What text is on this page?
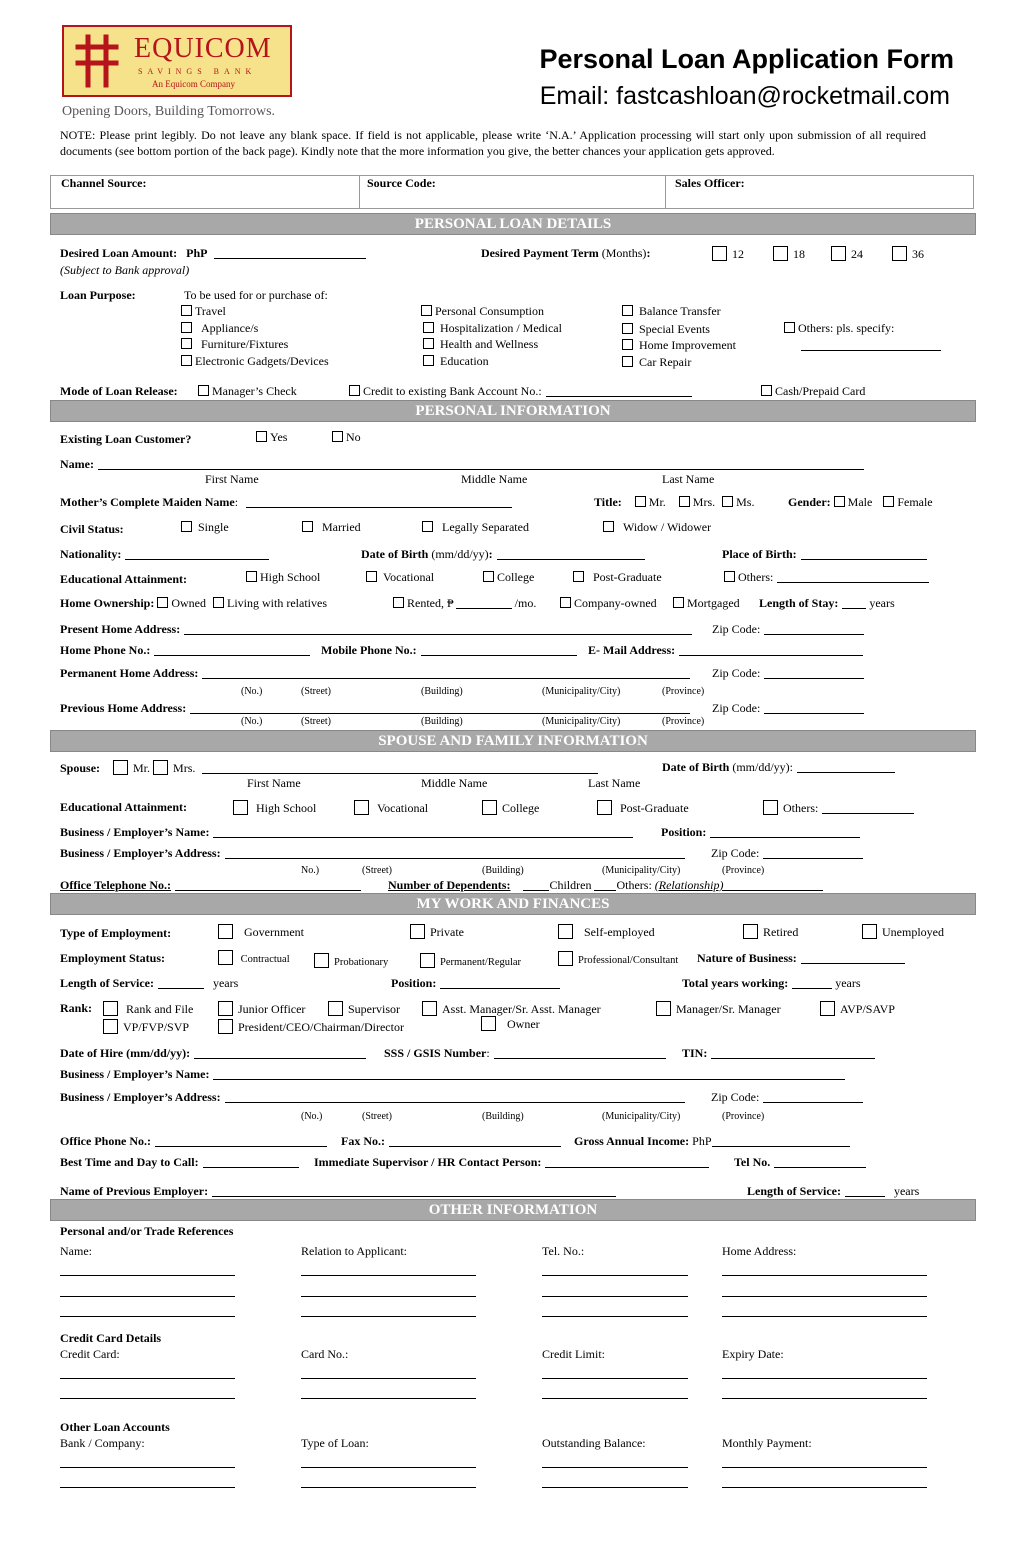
EQUICOM
SAVINGS BANK
An Equicom Company
Opening Doors, Building Tomorrows.
Personal Loan Application Form
Email: fastcashloan@rocketmail.com
NOTE: Please print legibly. Do not leave any blank space. If field is not applicable, please write ‘N.A.’ Application processing will start only upon submission of all required documents (see bottom portion of the back page). Kindly note that the more information you give, the better chances your application gets approved.
Channel Source:	Source Code:	Sales Officer:
PERSONAL LOAN DETAILS
Desired Loan Amount: PhP
(Subject to Bank approval)
Desired Payment Term (Months):	12	18	24	36
Loan Purpose:	To be used for or purchase of:
Travel
Appliance/s
Furniture/Fixtures
Electronic Gadgets/Devices
Personal Consumption
Hospitalization / Medical
Health and Wellness
Education
Balance Transfer
Special Events
Home Improvement
Car Repair
Others: pls. specify:
Mode of Loan Release:	Manager’s Check	Credit to existing Bank Account No.:	Cash/Prepaid Card
PERSONAL INFORMATION
Existing Loan Customer?	Yes	No
Name:
First Name	Middle Name	Last Name
Mother’s Complete Maiden Name:	Title: Mr. Mrs. Ms.	Gender: Male Female
Civil Status:	Single	Married	Legally Separated	Widow / Widower
Nationality:	Date of Birth (mm/dd/yy):	Place of Birth:
Educational Attainment:	High School	Vocational	College	Post-Graduate	Others:
Home Ownership: Owned Living with relatives	Rented, ₱	/mo.	Company-owned	Mortgaged Length of Stay:	years
Present Home Address:	Zip Code:
Home Phone No.:	Mobile Phone No.:	E- Mail Address:
Permanent Home Address:	Zip Code:
(No.)	(Street)	(Building)	(Municipality/City)	(Province)
Previous Home Address:	Zip Code:
(No.)	(Street)	(Building)	(Municipality/City)	(Province)
SPOUSE AND FAMILY INFORMATION
Spouse:	Mr. Mrs.	Date of Birth (mm/dd/yy):
First Name	Middle Name	Last Name
Educational Attainment:	High School	Vocational	College	Post-Graduate	Others:
Business / Employer’s Name:	Position:
Business / Employer’s Address:	Zip Code:
No.)	(Street)	(Building)	(Municipality/City)	(Province)
Office Telephone No.:	Number of Dependents:	Children Others: (Relationship)
MY WORK AND FINANCES
Type of Employment:	Government	Private	Self-employed	Retired	Unemployed
Employment Status:	Contractual	Probationary	Permanent/Regular	Professional/Consultant Nature of Business:
Length of Service:	years	Position:	Total years working:	years
Rank:	Rank and File	Junior Officer	Supervisor	Asst. Manager/Sr. Asst. Manager	Manager/Sr. Manager	AVP/SAVP
VP/FVP/SVP	President/CEO/Chairman/Director	Owner
Date of Hire (mm/dd/yy):	SSS / GSIS Number:	TIN:
Business / Employer’s Name:
Business / Employer’s Address:	Zip Code:
(No.)	(Street)	(Building)	(Municipality/City)	(Province)
Office Phone No.:	Fax No.:	Gross Annual Income: PhP
Best Time and Day to Call:	Immediate Supervisor / HR Contact Person:	Tel No.
Name of Previous Employer:	Length of Service:	years
OTHER INFORMATION
Personal and/or Trade References
Name:	Relation to Applicant:	Tel. No.:	Home Address:
Credit Card Details
Credit Card:	Card No.:	Credit Limit:	Expiry Date:
Other Loan Accounts
Bank / Company:	Type of Loan:	Outstanding Balance:	Monthly Payment:
